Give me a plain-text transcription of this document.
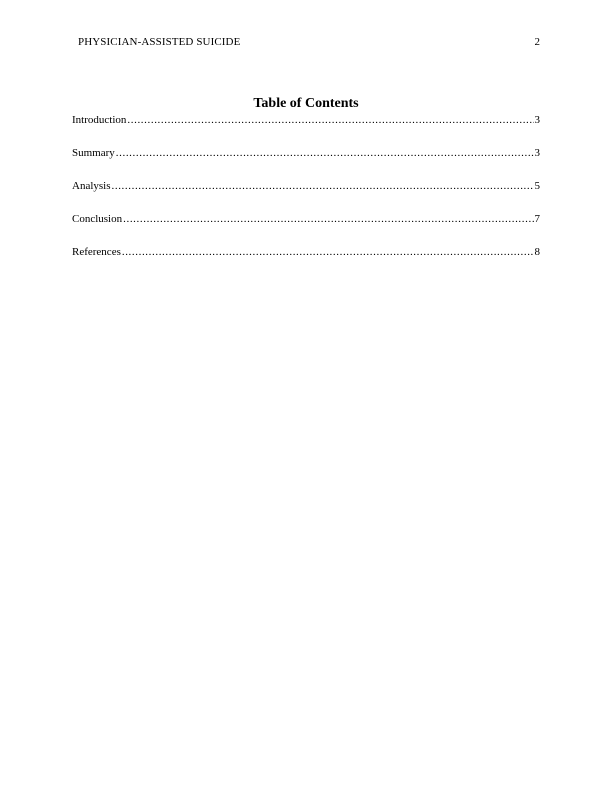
PHYSICIAN-ASSISTED SUICIDE	2
Table of Contents
Introduction .....	3
Summary .....	3
Analysis .....	5
Conclusion .....	7
References .....	8
